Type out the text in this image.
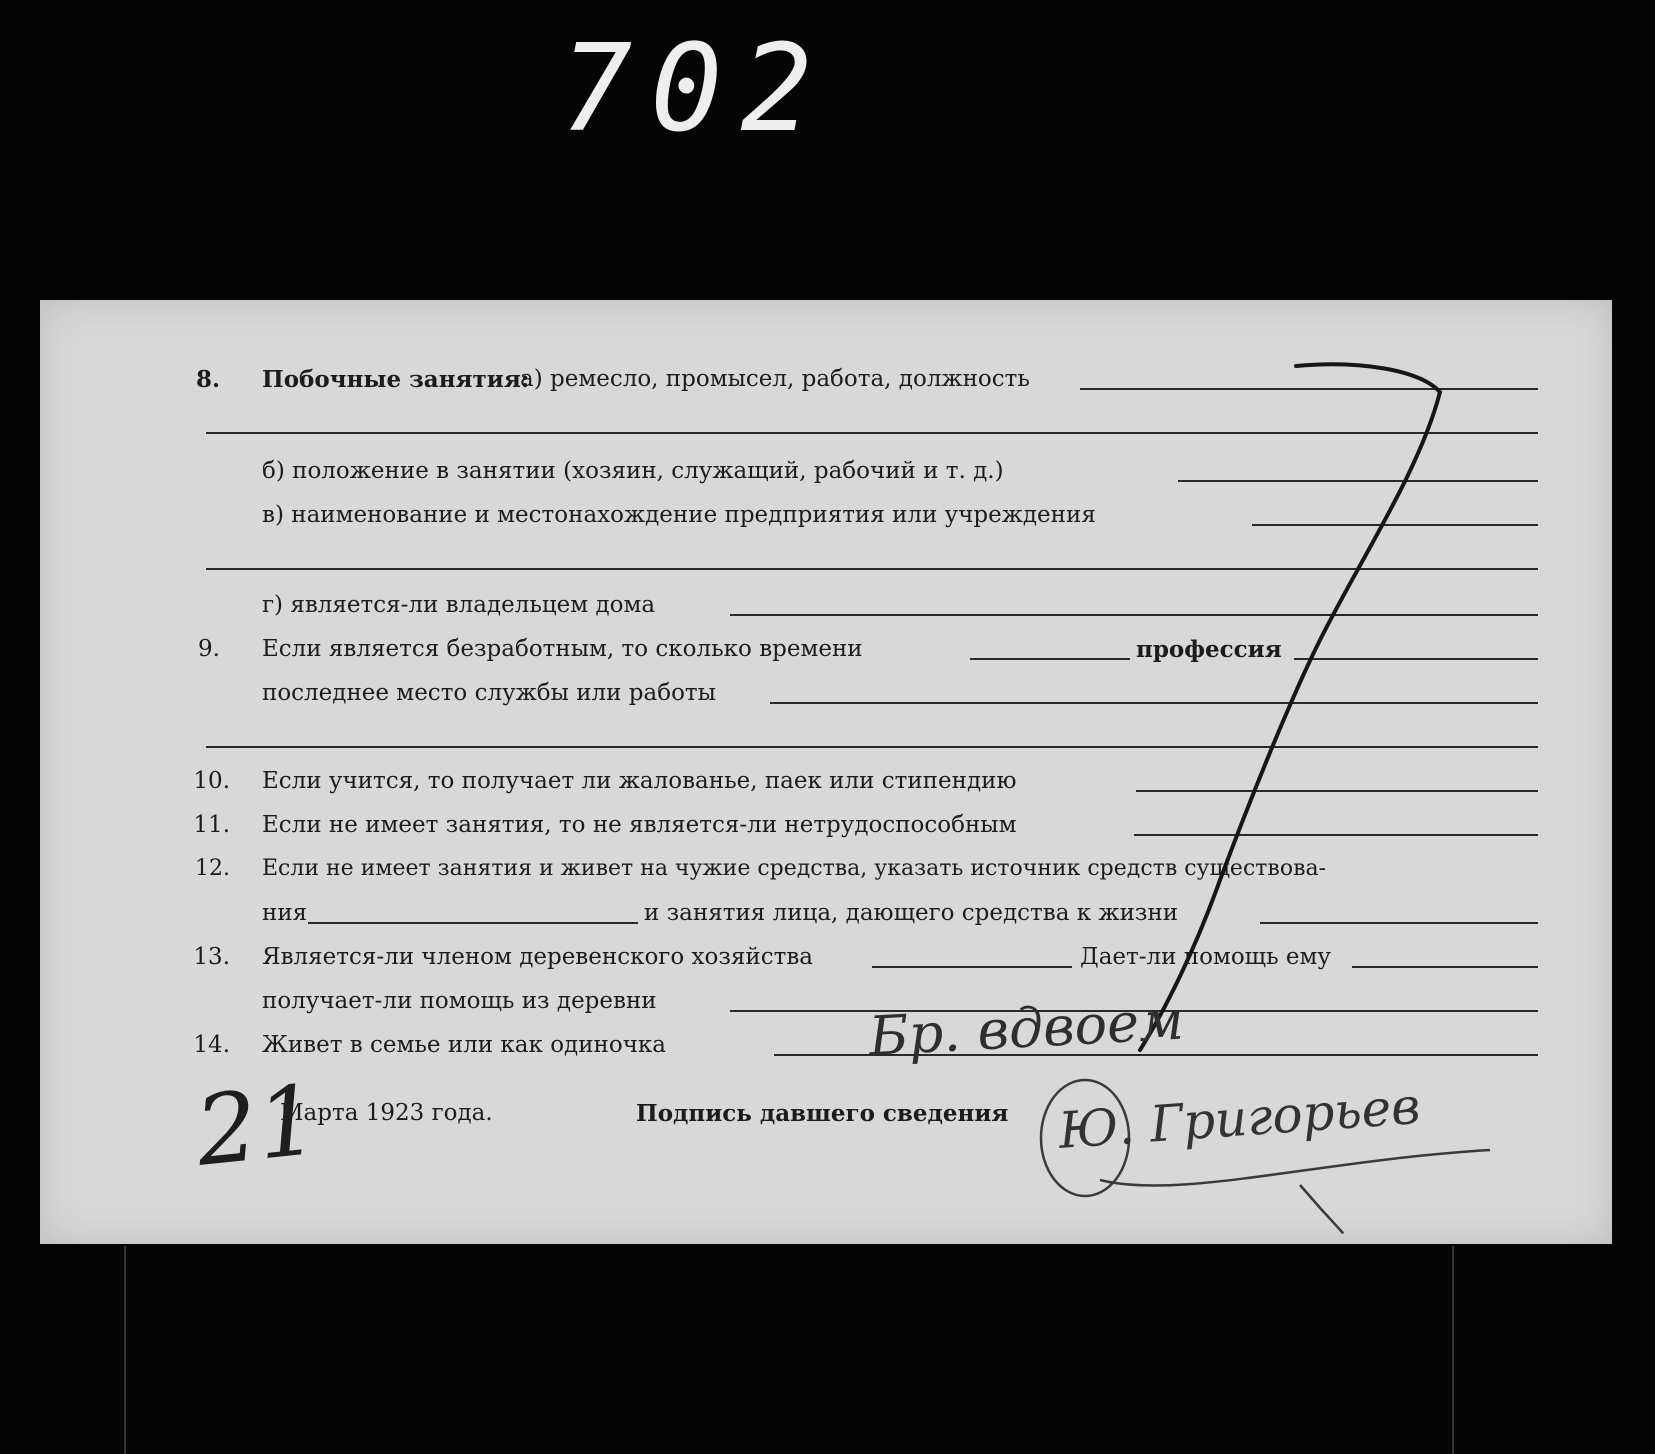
702
8. Побочные занятия:
а) ремесло, промысел, работа, должность
б) положение в занятии (хозяин, служащий, рабочий и т. д.)
в) наименование и местонахождение предприятия или учреждения
г) является-ли владельцем дома
9. Если является безработным, то сколько времени	профессия
последнее место службы или работы
10. Если учится, то получает ли жалованье, паек или стипендию
11. Если не имеет занятия, то не является-ли нетрудоспособным
12. Если не имеет занятия и живет на чужие средства, указать источник средств существова-
ния	и занятия лица, дающего средства к жизни
13. Является-ли членом деревенского хозяйства	Дает-ли помощь ему
получает-ли помощь из деревни
14. Живет в семье или как одиночка
Марта 1923 года.	Подпись давшего сведения
Бр. вдвоем
Ю. Григорьев
21
